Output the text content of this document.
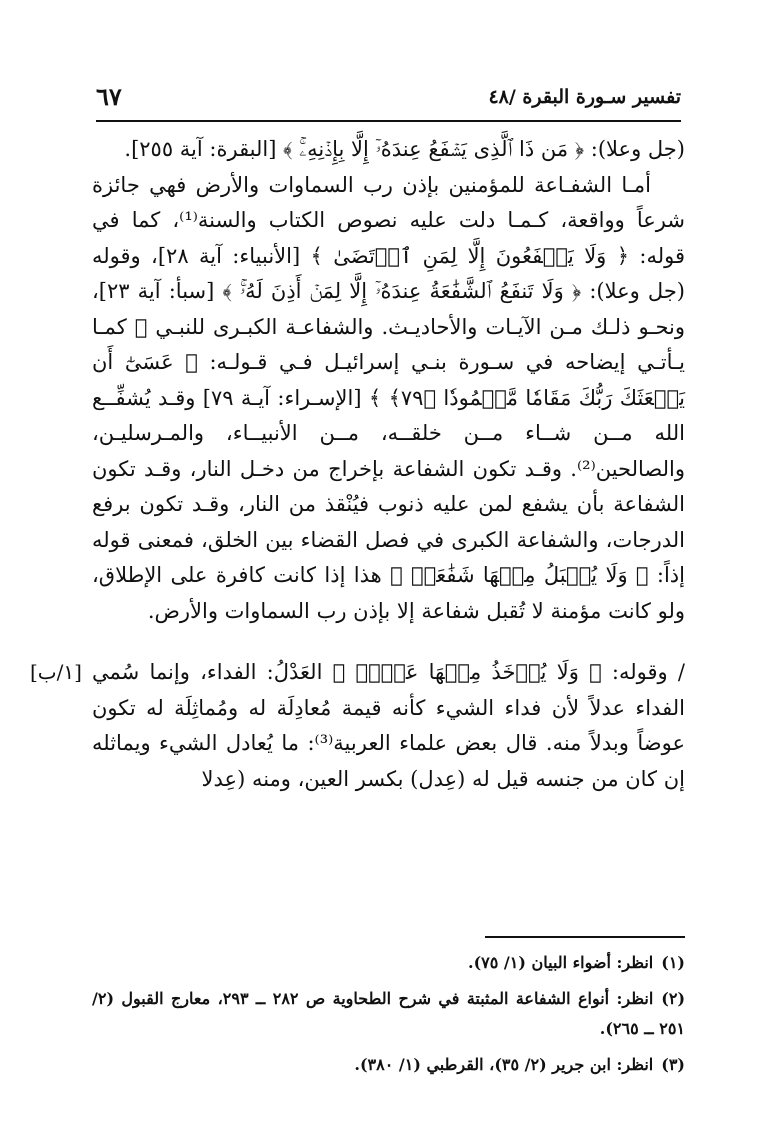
تفسير سـورة البقرة /٤٨
٦٧

(جل وعلا): ﴿ مَن ذَا ٱلَّذِى يَشۡفَعُ عِندَهُۥٓ إِلَّا بِإِذۡنِهِۦۚ ﴾ [البقرة: آية ٢٥٥].

أمـا الشفـاعة للمؤمنين بإذن رب السماوات والأرض فهي جائزة شرعاً وواقعة، كـمـا دلت عليه نصوص الكتاب والسنة⁽¹⁾، كما في قوله: ﴿ وَلَا يَشۡفَعُونَ إِلَّا لِمَنِ ٱرۡتَضَىٰ ﴾ [الأنبياء: آية ٢٨]، وقوله (جل وعلا): ﴿ وَلَا تَنفَعُ ٱلشَّفَٰعَةُ عِندَهُۥٓ إِلَّا لِمَنۡ أَذِنَ لَهُۥۚ ﴾ [سبأ: آية ٢٣]، ونحـو ذلـك مـن الآيـات والأحاديـث. والشفاعـة الكبـرى للنبـي ﷺ كمـا يـأتـي إيضاحه في سـورة بنـي إسرائيـل فـي قـولـه: ﴿ عَسَىٰٓ أَن يَبۡعَثَكَ رَبُّكَ مَقَامٗا مَّحۡمُودٗا ﴿٧٩﴾ ﴾ [الإسـراء: آيـة ٧٩] وقـد يُشفِّــع الله مــن شــاء مــن خلقــه، مــن الأنبيــاء، والمـرسليـن، والصالحين⁽²⁾. وقـد تكون الشفاعة بإخراج من دخـل النار، وقـد تكون الشفاعة بأن يشفع لمن عليه ذنوب فيُنْقذ من النار، وقـد تكون برفع الدرجات، والشفاعة الكبرى في فصل القضاء بين الخلق، فمعنى قوله إذاً: ﴿ وَلَا يُقۡبَلُ مِنۡهَا شَفَٰعَةٞ ﴾ هذا إذا كانت كافرة على الإطلاق، ولو كانت مؤمنة لا تُقبل شفاعة إلا بإذن رب السماوات والأرض.

[١/ب] / وقوله: ﴿ وَلَا يُؤۡخَذُ مِنۡهَا عَدۡلٞ ﴾ العَدْلُ: الفداء، وإنما سُمي الفداء عدلاً لأن فداء الشيء كأنه قيمة مُعادِلَة له ومُماثِلَة له تكون عوضاً وبدلاً منه. قال بعض علماء العربية⁽³⁾: ما يُعادل الشيء ويماثله إن كان من جنسه قيل له (عِدل) بكسر العين، ومنه (عِدلا

(١)انظر: أضواء البيان (١/ ٧٥).

(٢)انظر: أنواع الشفاعة المثبتة في شرح الطحاوية ص ٢٨٢ ــ ٢٩٣، معارج القبول (٢/ ٢٥١ ــ ٢٦٥).

(٣)انظر: ابن جرير (٢/ ٣٥)، القرطبي (١/ ٣٨٠).
